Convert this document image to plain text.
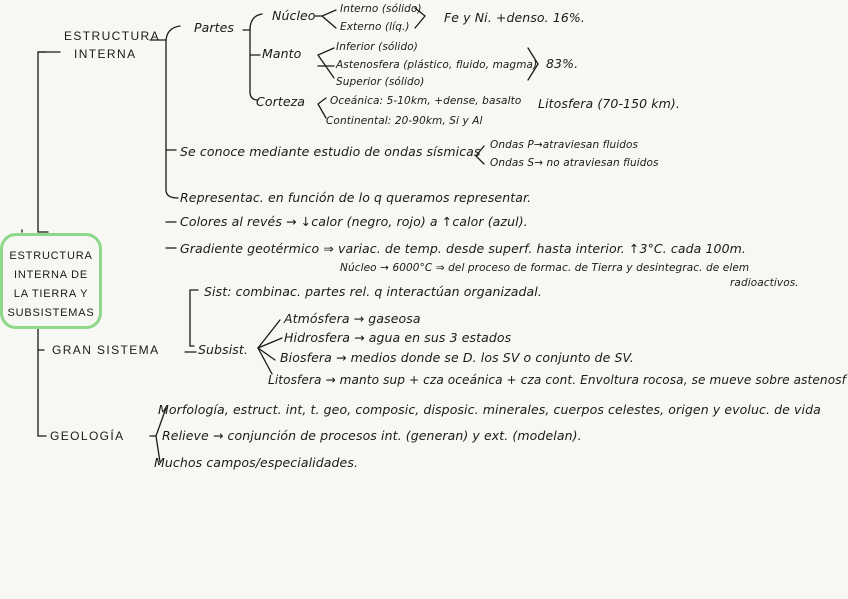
ESTRUCTURA
INTERNA DE
LA TIERRA Y
SUBSISTEMAS
ESTRUCTURA
INTERNA
Partes
Núcleo Interno (sólido)
Externo (líq.)
Fe y Ni. +denso. 16%.
Manto	Inferior (sólido)
Astenosfera (plástico, fluido, magma)
Superior (sólido)
83%.
Corteza Oceánica: 5-10km, +dense, basalto
Continental: 20-90km, Si y Al
Litosfera (70-150 km).
Se conoce mediante estudio de ondas sísmicas Ondas P→atraviesan fluidos
Ondas S→ no atraviesan fluidos
Representac. en función de lo q queramos representar.
Colores al revés → ↓calor (negro, rojo) a ↑calor (azul).
Gradiente geotérmico ⇒ variac. de temp. desde superf. hasta interior. ↑3°C. cada 100m.
Núcleo → 6000°C ⇒ del proceso de formac. de Tierra y desintegrac. de elem
radioactivos.
GRAN SISTEMA
Sist: combinac. partes rel. q interactúan organizadal.
Subsist.
Atmósfera → gaseosa
Hidrosfera → agua en sus 3 estados
Biosfera → medios donde se D. los SV o conjunto de SV.
Litosfera → manto sup + cza oceánica + cza cont. Envoltura rocosa, se mueve sobre astenosf
GEOLOGÍA
Morfología, estruct. int, t. geo, composic, disposic. minerales, cuerpos celestes, origen y evoluc. de vida
Relieve → conjunción de procesos int. (generan) y ext. (modelan).
Muchos campos/especialidades.
